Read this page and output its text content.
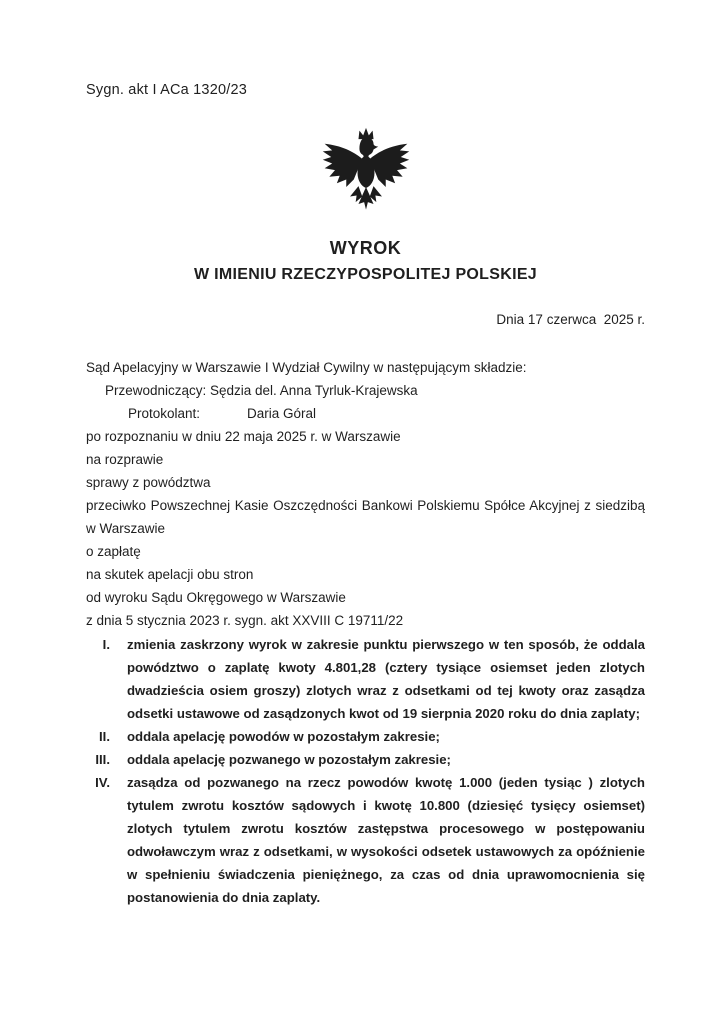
Sygn. akt I ACa 1320/23
WYROK
W IMIENIU RZECZYPOSPOLITEJ POLSKIEJ
Dnia 17 czerwca  2025 r.
Sąd Apelacyjny w Warszawie I Wydział Cywilny w następującym składzie:
Przewodniczący: Sędzia del. Anna Tyrluk-Krajewska
Protokolant:	Daria Góral
po rozpoznaniu w dniu 22 maja 2025 r. w Warszawie
na rozprawie
sprawy z powództwa
przeciwko Powszechnej Kasie Oszczędności Bankowi Polskiemu Spółce Akcyjnej z siedzibą w Warszawie
o zapłatę
na skutek apelacji obu stron
od wyroku Sądu Okręgowego w Warszawie
z dnia 5 stycznia 2023 r. sygn. akt XXVIII C 19711/22
I. zmienia zaskrzony wyrok w zakresie punktu pierwszego w ten sposób, że oddala powództwo o zaplatę kwoty 4.801,28 (cztery tysiące osiemset jeden zlotych dwadzieścia osiem groszy) zlotych wraz z odsetkami od tej kwoty oraz zasądza odsetki ustawowe od zasądzonych kwot od 19 sierpnia 2020 roku do dnia zaplaty;
II. oddala apelację powodów w pozostałym zakresie;
III. oddala apelację pozwanego w pozostałym zakresie;
IV. zasądza od pozwanego na rzecz powodów kwotę 1.000 (jeden tysiąc ) zlotych tytulem zwrotu kosztów sądowych i kwotę 10.800 (dziesięć tysięcy osiemset) zlotych tytulem zwrotu kosztów zastępstwa procesowego w postępowaniu odwoławczym wraz z odsetkami, w wysokości odsetek ustawowych za opóźnienie w spełnieniu świadczenia pieniężnego, za czas od dnia uprawomocnienia się postanowienia do dnia zaplaty.
